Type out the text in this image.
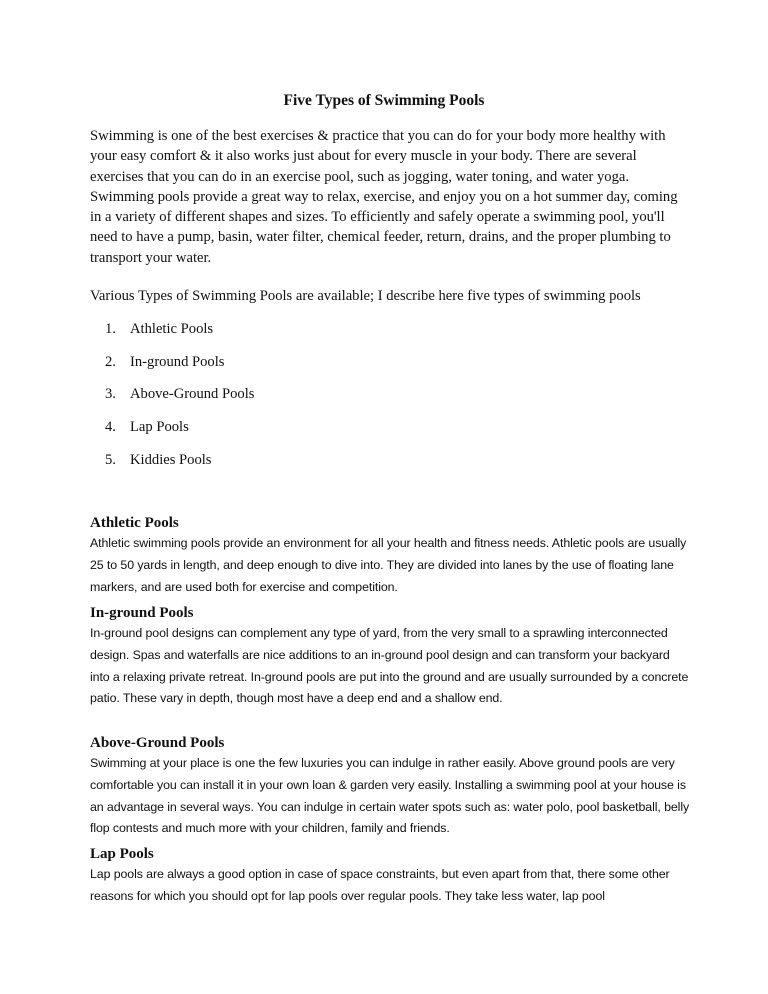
Five Types of Swimming Pools

Swimming is one of the best exercises & practice that you can do for your body more healthy with your easy comfort & it also works just about for every muscle in your body. There are several exercises that you can do in an exercise pool, such as jogging, water toning, and water yoga. Swimming pools provide a great way to relax, exercise, and enjoy you on a hot summer day, coming in a variety of different shapes and sizes. To efficiently and safely operate a swimming pool, you'll need to have a pump, basin, water filter, chemical feeder, return, drains, and the proper plumbing to transport your water.

Various Types of Swimming Pools are available; I describe here five types of swimming pools

1. Athletic Pools
2. In-ground Pools
3. Above-Ground Pools
4. Lap Pools
5. Kiddies Pools
Athletic Pools

Athletic swimming pools provide an environment for all your health and fitness needs. Athletic pools are usually 25 to 50 yards in length, and deep enough to dive into. They are divided into lanes by the use of floating lane markers, and are used both for exercise and competition.

In-ground Pools

In-ground pool designs can complement any type of yard, from the very small to a sprawling interconnected design. Spas and waterfalls are nice additions to an in-ground pool design and can transform your backyard into a relaxing private retreat. In-ground pools are put into the ground and are usually surrounded by a concrete patio. These vary in depth, though most have a deep end and a shallow end.

Above-Ground Pools

Swimming at your place is one the few luxuries you can indulge in rather easily. Above ground pools are very comfortable you can install it in your own loan & garden very easily. Installing a swimming pool at your house is an advantage in several ways. You can indulge in certain water spots such as: water polo, pool basketball, belly flop contests and much more with your children, family and friends.

Lap Pools

Lap pools are always a good option in case of space constraints, but even apart from that, there some other reasons for which you should opt for lap pools over regular pools. They take less water, lap pool
